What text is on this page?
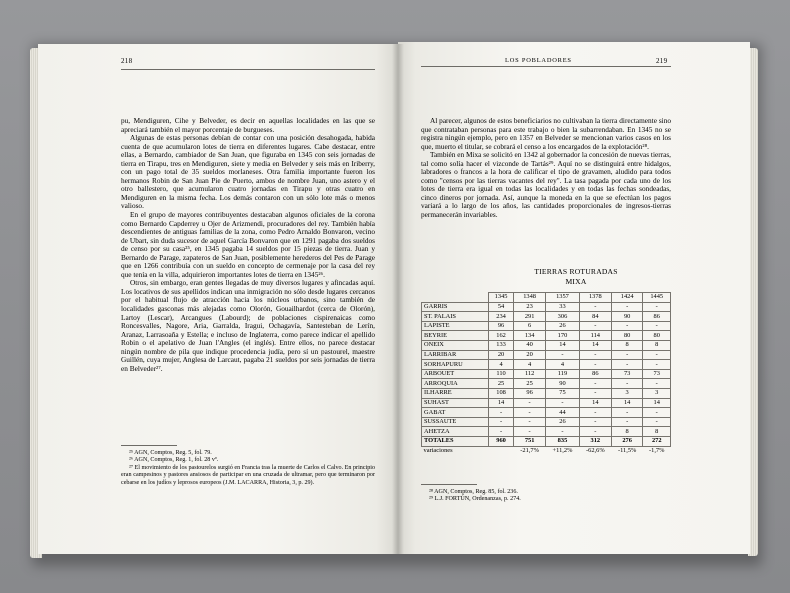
218

pu, Mendiguren, Cihe y Belveder, es decir en aquellas localidades en las que se apreciará también el mayor porcentaje de burgueses.

Algunas de estas personas debían de contar con una posición desahogada, habida cuenta de que acumularon lotes de tierra en diferentes lugares. Cabe destacar, entre ellas, a Bernardo, cambiador de San Juan, que figuraba en 1345 con seis jornadas de tierra en Tirapu, tres en Mendiguren, siete y media en Belveder y seis más en Iriberry, con un pago total de 35 sueldos morlaneses. Otra familia importante fueron los hermanos Robin de San Juan Pie de Puerto, ambos de nombre Juan, uno astero y el otro ballestero, que acumularon cuatro jornadas en Tirapu y otras cuatro en Mendiguren en la misma fecha. Los demás contaron con un sólo lote más o menos valioso.

En el grupo de mayores contribuyentes destacaban algunos oficiales de la corona como Bernardo Capderrey u Ojer de Arizmendi, procuradores del rey. También había descendientes de antiguas familias de la zona, como Pedro Arnaldo Bonvaron, vecino de Ubart, sin duda sucesor de aquel García Bonvaron que en 1291 pagaba dos sueldos de censo por su casa²⁵, en 1345 pagaba 14 sueldos por 15 piezas de tierra. Juan y Bernardo de Parage, zapateros de San Juan, posiblemente herederos del Pes de Parage que en 1266 contribuía con un sueldo en concepto de cermenaje por la casa del rey que tenía en la villa, adquirieron importantes lotes de tierra en 1345²⁶.

Otros, sin embargo, eran gentes llegadas de muy diversos lugares y afincadas aquí. Los locativos de sus apellidos indican una inmigración no sólo desde lugares cercanos por el habitual flujo de atracción hacia los núcleos urbanos, sino también de localidades gasconas más alejadas como Olorón, Gouailhardot (cerca de Olorón), Lartoy (Lescar), Arcangues (Labourd); de poblaciones cispirenaicas como Roncesvalles, Nagore, Aria, Garralda, Iragui, Ochagavía, Santesteban de Lerín, Aranaz, Larrasoaña y Estella; e incluso de Inglaterra, como parece indicar el apellido Robin o el apelativo de Juan l'Angles (el inglés). Entre ellos, no parece destacar ningún nombre de pila que indique procedencia judía, pero sí un pastourel, maestre Guillén, cuya mujer, Anglesa de Larcaut, pagaba 21 sueldos por seis jornadas de tierra en Belveder²⁷.

²⁵ AGN, Comptos, Reg. 5, fol. 79.

²⁶ AGN, Comptos, Reg. 1, fol. 28 vº.

²⁷ El movimiento de los pastourelos surgió en Francia tras la muerte de Carlos el Calvo. En principio eran campesinos y pastores ansiosos de participar en una cruzada de ultramar, pero que terminaron por cebarse en los judíos y leprosos europeos (J.M. LACARRA, Historia, 3, p. 29).

LOS POBLADORES	219

Al parecer, algunos de estos beneficiarios no cultivaban la tierra directamente sino que contrataban personas para este trabajo o bien la subarrendaban. En 1345 no se registra ningún ejemplo, pero en 1357 en Belveder se mencionan varios casos en los que, muerto el titular, se cobrará el censo a los encargados de la explotación²⁸.

También en Mixa se solicitó en 1342 al gobernador la concesión de nuevas tierras, tal como solía hacer el vizconde de Tartás²⁹. Aquí no se distinguirá entre hidalgos, labradores o francos a la hora de calificar el tipo de gravamen, aludido para todos como "censos por las tierras vacantes del rey". La tasa pagada por cada uno de los lotes de tierra era igual en todas las localidades y en todas las fechas sondeadas, cinco dineros por jornada. Así, aunque la moneda en la que se efectúan los pagos variará a lo largo de los años, las cantidades proporcionales de ingresos-tierras permanecerán invariables.

TIERRAS ROTURADAS
MIXA
	1345	1348	1357	1378	1424	1445
GARRIS	54	23	33	-	-	-
ST. PALAIS	234	291	306	84	90	86
LAPISTE	96	6	26	-	-	-
BEYRIE	162	134	170	114	80	80
ONEIX	133	40	14	14	8	8
LARRIBAR	20	20	-	-	-	-
SORHAPURU	4	4	4	-	-	-
ARBOUET	110	112	119	86	73	73
ARROQUIA	25	25	90	-	-	-
ILHARRE	108	96	75	-	3	3
SUHAST	14	-	-	14	14	14
GABAT	-	-	44	-	-	-
SUSSAUTE	-	-	26	-	-	-
AHETZA	-	-	-	-	8	8
TOTALES	960	751	835	312	276	272
variaciones		-21,7%	+11,2%	-62,6%	-11,5%	-1,7%

²⁸ AGN, Comptos, Reg. 85, fol. 236.

²⁹ L.J. FORTÚN, Ordenanzas, p. 274.
